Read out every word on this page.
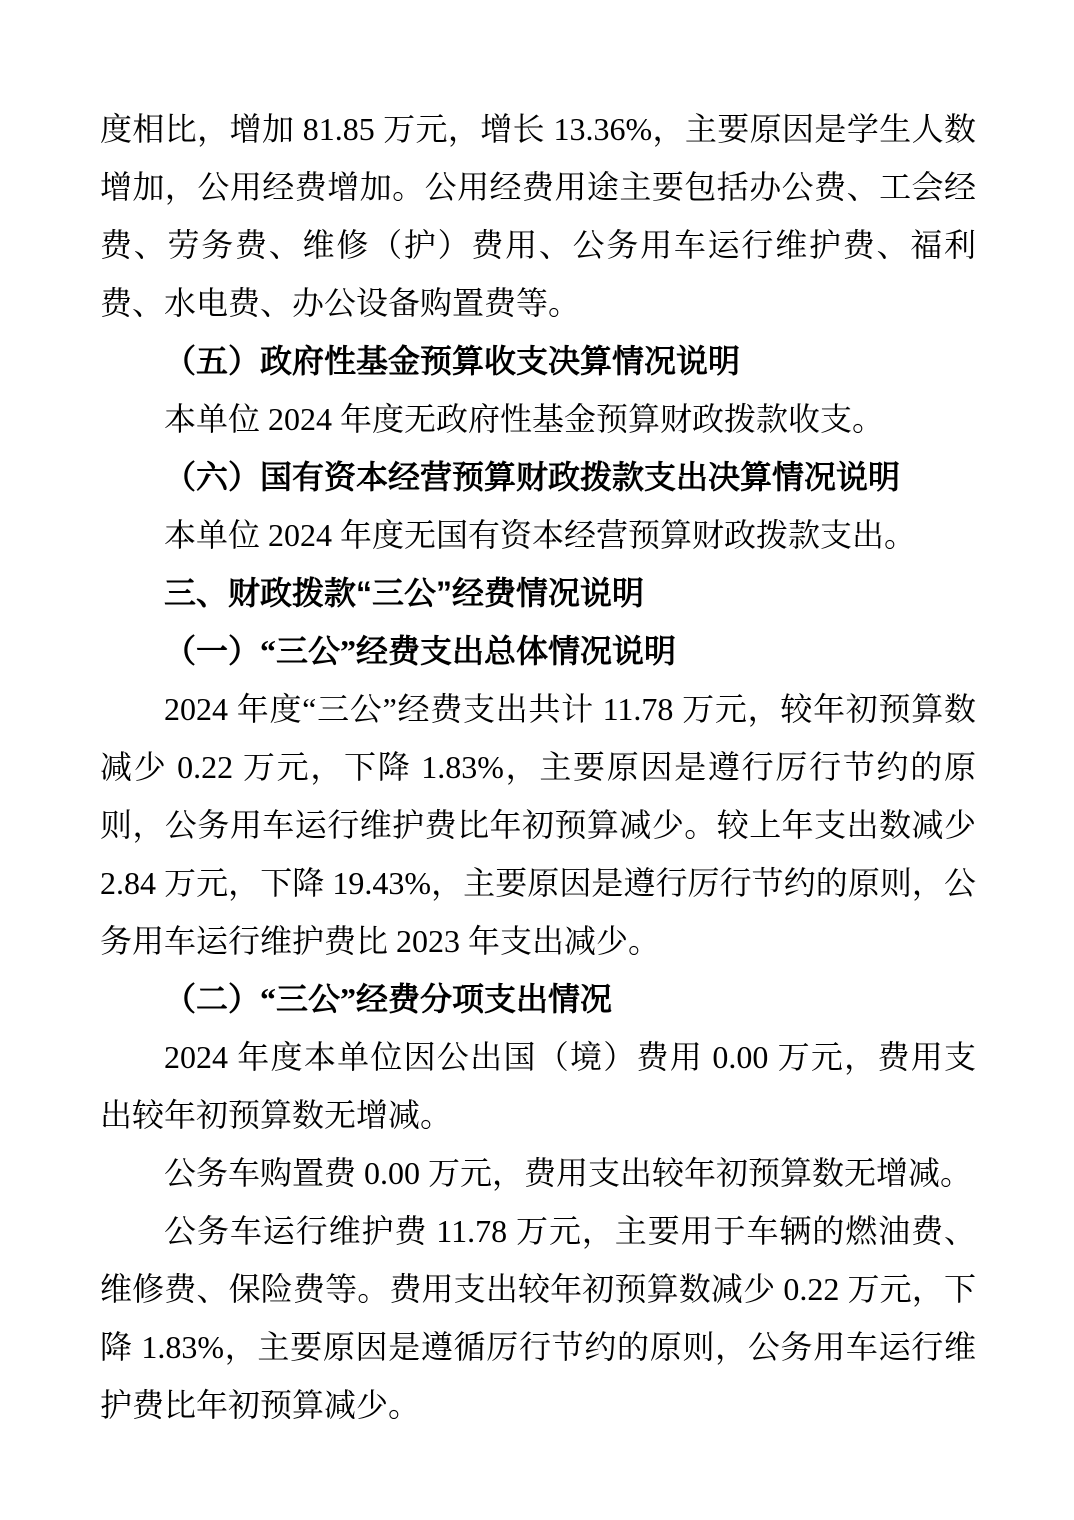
度相比，增加 81.85 万元，增长 13.36%，主要原因是学生人数增加，公用经费增加。公用经费用途主要包括办公费、工会经费、劳务费、维修（护）费用、公务用车运行维护费、福利费、水电费、办公设备购置费等。

（五）政府性基金预算收支决算情况说明

本单位 2024 年度无政府性基金预算财政拨款收支。

（六）国有资本经营预算财政拨款支出决算情况说明

本单位 2024 年度无国有资本经营预算财政拨款支出。

三、财政拨款“三公”经费情况说明

（一）“三公”经费支出总体情况说明

2024 年度“三公”经费支出共计 11.78 万元，较年初预算数减少 0.22 万元，下降 1.83%，主要原因是遵行厉行节约的原则，公务用车运行维护费比年初预算减少。较上年支出数减少 2.84 万元，下降 19.43%，主要原因是遵行厉行节约的原则，公务用车运行维护费比 2023 年支出减少。

（二）“三公”经费分项支出情况

2024 年度本单位因公出国（境）费用 0.00 万元，费用支出较年初预算数无增减。

公务车购置费 0.00 万元，费用支出较年初预算数无增减。

公务车运行维护费 11.78 万元，主要用于车辆的燃油费、维修费、保险费等。费用支出较年初预算数减少 0.22 万元，下降 1.83%，主要原因是遵循厉行节约的原则，公务用车运行维护费比年初预算减少。
